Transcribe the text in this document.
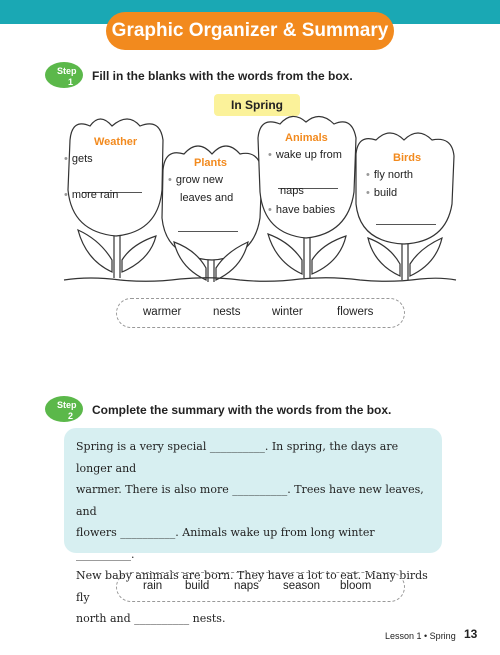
Graphic Organizer & Summary
Step
1 Fill in the blanks with the words from the box.
In Spring
Weather
• gets
• more rain
Plants
• grow new
leaves and
Animals
• wake up from
naps
• have babies
Birds
• fly north
• build
warmer	nests	winter	flowers
Step
2 Complete the summary with the words from the box.
Spring is a very special __________. In spring, the days are longer and
warmer. There is also more __________. Trees have new leaves, and
flowers __________. Animals wake up from long winter __________.
New baby animals are born. They have a lot to eat. Many birds fly
north and __________ nests.
rain build naps season bloom
Lesson 1 • Spring 13
